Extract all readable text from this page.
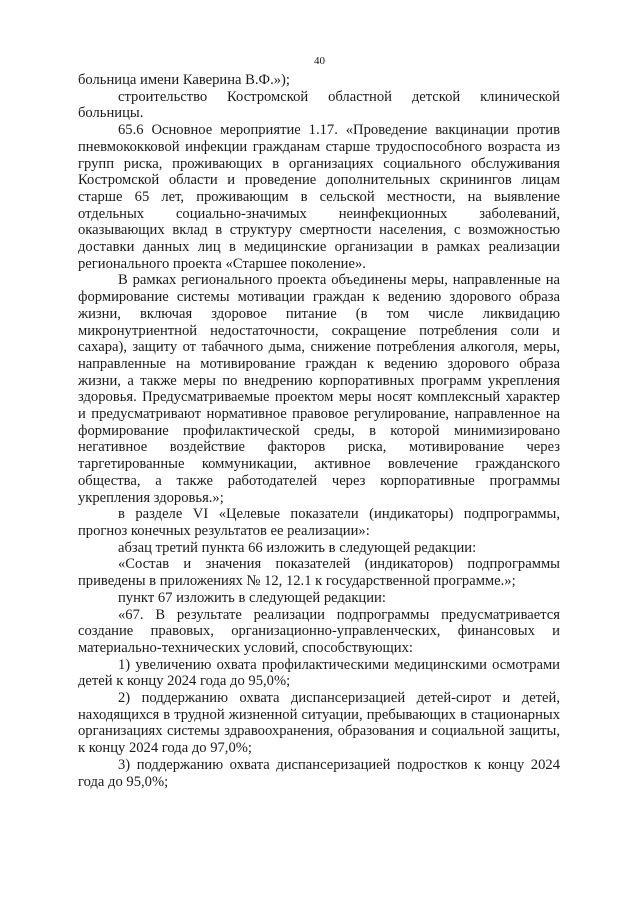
40

больница имени Каверина В.Ф.»);

строительство Костромской областной детской клинической больницы.

65.6 Основное мероприятие 1.17. «Проведение вакцинации против пневмококковой инфекции гражданам старше трудоспособного возраста из групп риска, проживающих в организациях социального обслуживания Костромской области и проведение дополнительных скринингов лицам старше 65 лет, проживающим в сельской местности, на выявление отдельных социально-значимых неинфекционных заболеваний, оказывающих вклад в структуру смертности населения, с возможностью доставки данных лиц в медицинские организации в рамках реализации регионального проекта «Старшее поколение».

В рамках регионального проекта объединены меры, направленные на формирование системы мотивации граждан к ведению здорового образа жизни, включая здоровое питание (в том числе ликвидацию микронутриентной недостаточности, сокращение потребления соли и сахара), защиту от табачного дыма, снижение потребления алкоголя, меры, направленные на мотивирование граждан к ведению здорового образа жизни, а также меры по внедрению корпоративных программ укрепления здоровья. Предусматриваемые проектом меры носят комплексный характер и предусматривают нормативное правовое регулирование, направленное на формирование профилактической среды, в которой минимизировано негативное воздействие факторов риска, мотивирование через таргетированные коммуникации, активное вовлечение гражданского общества, а также работодателей через корпоративные программы укрепления здоровья.»;

в разделе VI «Целевые показатели (индикаторы) подпрограммы, прогноз конечных результатов ее реализации»:

абзац третий пункта 66 изложить в следующей редакции:

«Состав и значения показателей (индикаторов) подпрограммы приведены в приложениях № 12, 12.1 к государственной программе.»;

пункт 67 изложить в следующей редакции:

«67. В результате реализации подпрограммы предусматривается создание правовых, организационно-управленческих, финансовых и материально-технических условий, способствующих:

1) увеличению охвата профилактическими медицинскими осмотрами детей к концу 2024 года до 95,0%;

2) поддержанию охвата диспансеризацией детей-сирот и детей, находящихся в трудной жизненной ситуации, пребывающих в стационарных организациях системы здравоохранения, образования и социальной защиты, к концу 2024 года до 97,0%;

3) поддержанию охвата диспансеризацией подростков к концу 2024 года до 95,0%;
